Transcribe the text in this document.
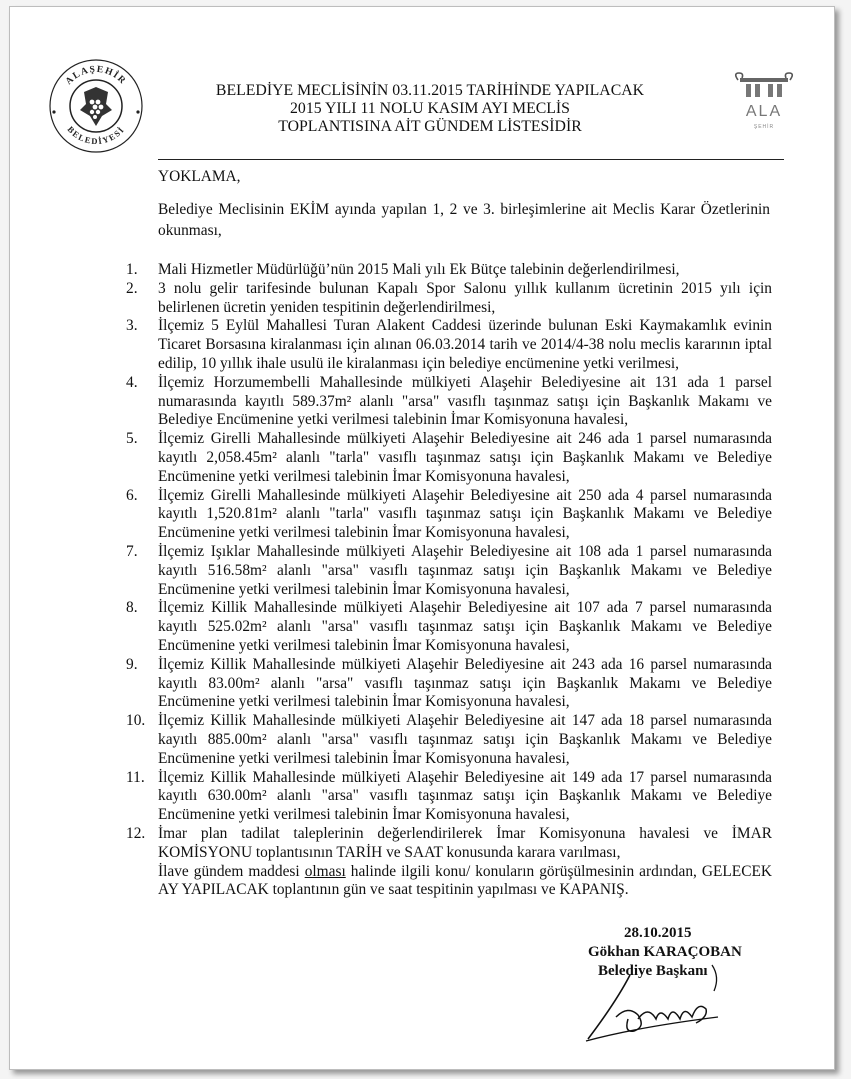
ALAŞEHİR
BELEDİYESİ
ALA
ŞEHİR
BELEDİYE MECLİSİNİN 03.11.2015 TARİHİNDE YAPILACAK
2015 YILI 11 NOLU KASIM AYI MECLİS
TOPLANTISINA AİT GÜNDEM LİSTESİDİR
YOKLAMA,
Belediye Meclisinin EKİM ayında yapılan 1, 2 ve 3. birleşimlerine ait Meclis Karar Özetlerinin okunması,
1.	Mali Hizmetler Müdürlüğü’nün 2015 Mali yılı Ek Bütçe talebinin değerlendirilmesi,
2.	3 nolu gelir tarifesinde bulunan Kapalı Spor Salonu yıllık kullanım ücretinin 2015 yılı için belirlenen ücretin yeniden tespitinin değerlendirilmesi,
3.	İlçemiz 5 Eylül Mahallesi Turan Alakent Caddesi üzerinde bulunan Eski Kaymakamlık evinin Ticaret Borsasına kiralanması için alınan 06.03.2014 tarih ve 2014/4-38 nolu meclis kararının iptal edilip, 10 yıllık ihale usulü ile kiralanması için belediye encümenine yetki verilmesi,
4.	İlçemiz Horzumembelli Mahallesinde mülkiyeti Alaşehir Belediyesine ait 131 ada 1 parsel numarasında kayıtlı 589.37m² alanlı "arsa" vasıflı taşınmaz satışı için Başkanlık Makamı ve Belediye Encümenine yetki verilmesi talebinin İmar Komisyonuna havalesi,
5.	İlçemiz Girelli Mahallesinde mülkiyeti Alaşehir Belediyesine ait 246 ada 1 parsel numarasında kayıtlı 2,058.45m² alanlı "tarla" vasıflı taşınmaz satışı için Başkanlık Makamı ve Belediye Encümenine yetki verilmesi talebinin İmar Komisyonuna havalesi,
6.	İlçemiz Girelli Mahallesinde mülkiyeti Alaşehir Belediyesine ait 250 ada 4 parsel numarasında kayıtlı 1,520.81m² alanlı "tarla" vasıflı taşınmaz satışı için Başkanlık Makamı ve Belediye Encümenine yetki verilmesi talebinin İmar Komisyonuna havalesi,
7.	İlçemiz Işıklar Mahallesinde mülkiyeti Alaşehir Belediyesine ait 108 ada 1 parsel numarasında kayıtlı 516.58m² alanlı "arsa" vasıflı taşınmaz satışı için Başkanlık Makamı ve Belediye Encümenine yetki verilmesi talebinin İmar Komisyonuna havalesi,
8.	İlçemiz Killik Mahallesinde mülkiyeti Alaşehir Belediyesine ait 107 ada 7 parsel numarasında kayıtlı 525.02m² alanlı "arsa" vasıflı taşınmaz satışı için Başkanlık Makamı ve Belediye Encümenine yetki verilmesi talebinin İmar Komisyonuna havalesi,
9.	İlçemiz Killik Mahallesinde mülkiyeti Alaşehir Belediyesine ait 243 ada 16 parsel numarasında kayıtlı 83.00m² alanlı "arsa" vasıflı taşınmaz satışı için Başkanlık Makamı ve Belediye Encümenine yetki verilmesi talebinin İmar Komisyonuna havalesi,
10. İlçemiz Killik Mahallesinde mülkiyeti Alaşehir Belediyesine ait 147 ada 18 parsel numarasında kayıtlı 885.00m² alanlı "arsa" vasıflı taşınmaz satışı için Başkanlık Makamı ve Belediye Encümenine yetki verilmesi talebinin İmar Komisyonuna havalesi,
11. İlçemiz Killik Mahallesinde mülkiyeti Alaşehir Belediyesine ait 149 ada 17 parsel numarasında kayıtlı 630.00m² alanlı "arsa" vasıflı taşınmaz satışı için Başkanlık Makamı ve Belediye Encümenine yetki verilmesi talebinin İmar Komisyonuna havalesi,
12. İmar plan tadilat taleplerinin değerlendirilerek İmar Komisyonuna havalesi ve İMAR KOMİSYONU toplantısının TARİH ve SAAT konusunda karara varılması,
İlave gündem maddesi olması halinde ilgili konu/ konuların görüşülmesinin ardından, GELECEK AY YAPILACAK toplantının gün ve saat tespitinin yapılması ve KAPANIŞ.
28.10.2015
Gökhan KARAÇOBAN
Belediye Başkanı
